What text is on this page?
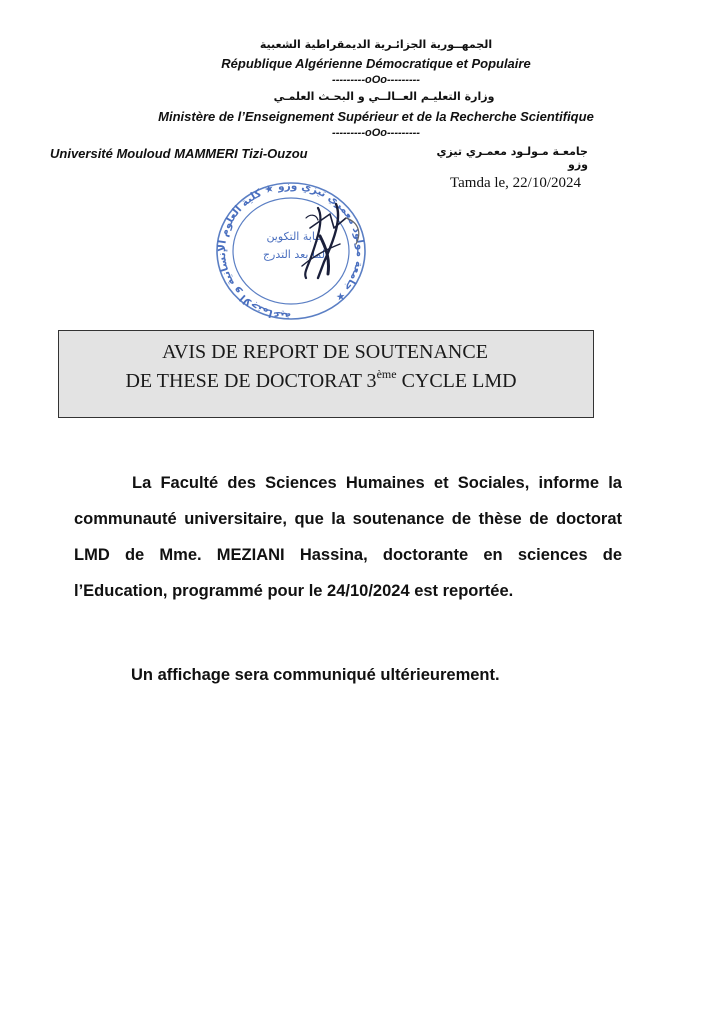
الجمهــورية الجزائـرية الديمقراطية الشعبية
République Algérienne Démocratique et Populaire
---------oOo---------
وزارة التعليـم العــالــي و البحـث العلمـي
Ministère de l’Enseignement Supérieur et de la Recherche Scientifique
---------oOo---------
Université Mouloud MAMMERI Tizi-Ouzou	جامعـة مـولـود معمـري تيزي وزو
Tamda le, 22/10/2024
جامعة مولود معمري تيزي وزو ★ كلية العلوم الإنسانية و الاجتماعية ★
نيابة التكوين
لما بعد التدرج
AVIS DE REPORT DE SOUTENANCE
DE THESE DE DOCTORAT 3ème CYCLE LMD

La Faculté des Sciences Humaines et Sociales, informe la communauté universitaire, que la soutenance de thèse de doctorat LMD de Mme. MEZIANI Hassina, doctorante en sciences de l’Education, programmé pour le 24/10/2024 est reportée.

Un affichage sera communiqué ultérieurement.
